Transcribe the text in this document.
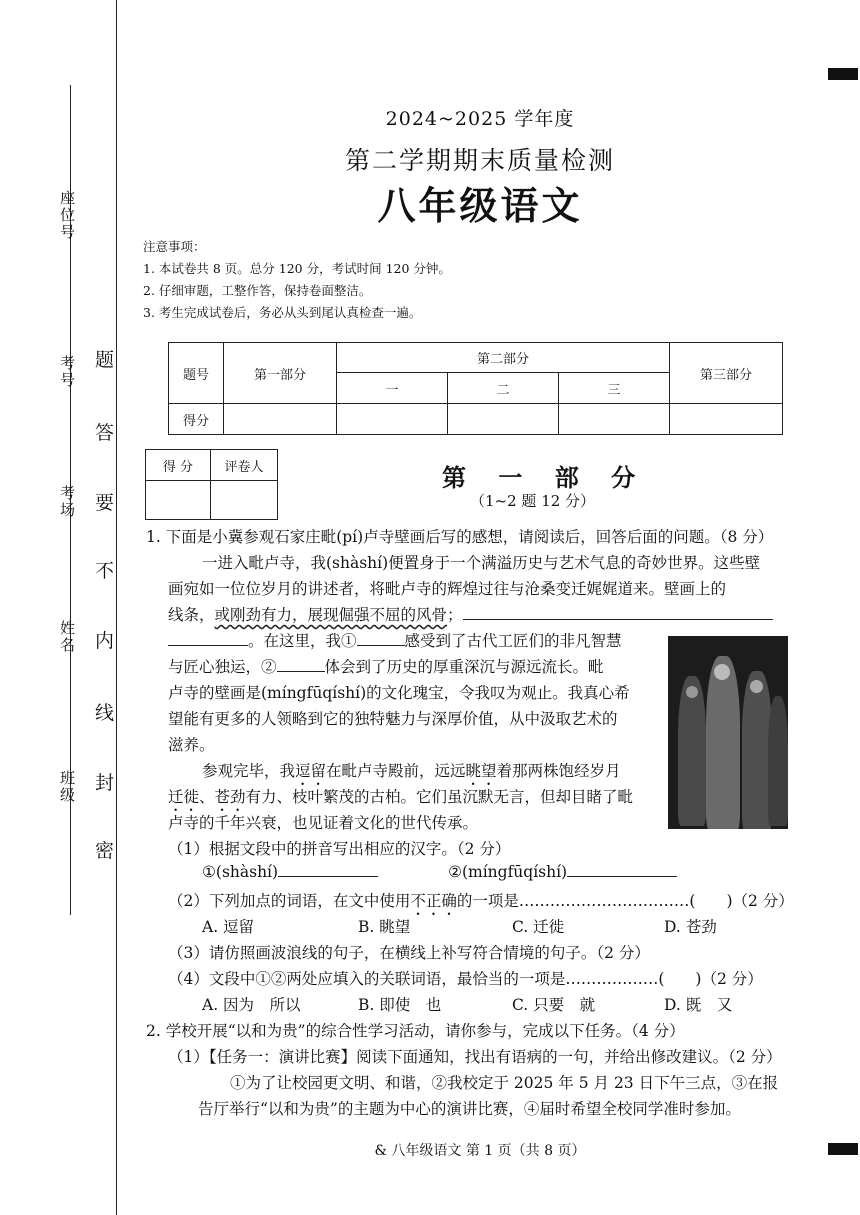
座位号
考号
考场
姓名
班级
题
答
要
不
内
线
封
密
2024~2025 学年度
第二学期期末质量检测
八年级语文
注意事项：
1. 本试卷共 8 页。总分 120 分，考试时间 120 分钟。
2. 仔细审题，工整作答，保持卷面整洁。
3. 考生完成试卷后，务必从头到尾认真检查一遍。
题号	第一部分	第二部分			第三部分
		一	二	三	
得分					
得 分	评卷人
		第 一 部 分
（1~2 题 12 分）
1. 下面是小冀参观石家庄毗(pí)卢寺壁画后写的感想，请阅读后，回答后面的问题。（8 分）
一进入毗卢寺，我(shàshí)便置身于一个满溢历史与艺术气息的奇妙世界。这些壁
画宛如一位位岁月的讲述者，将毗卢寺的辉煌过往与沧桑变迁娓娓道来。壁画上的
线条，或刚劲有力，展现倔强不屈的风骨；
。在这里，我①	感受到了古代工匠们的非凡智慧
与匠心独运，②	体会到了历史的厚重深沉与源远流长。毗
卢寺的壁画是(míngfūqíshí)的文化瑰宝，令我叹为观止。我真心希
望能有更多的人领略到它的独特魅力与深厚价值，从中汲取艺术的
滋养。
参观完毕，我逗留在毗卢寺殿前，远远眺望着那两株饱经岁月
迁徙、苍劲有力、枝叶繁茂的古柏。它们虽沉默无言，但却目睹了毗
卢寺的千年兴衰，也见证着文化的世代传承。
（1）根据文段中的拼音写出相应的汉字。（2 分）
①(shàshí)	②(míngfūqíshí)
（2）下列加点的词语，在文中使用不正确的一项是……………………………(　　)（2 分）
A. 逗留	B. 眺望	C. 迁徙	D. 苍劲
（3）请仿照画波浪线的句子，在横线上补写符合情境的句子。（2 分）
（4）文段中①②两处应填入的关联词语，最恰当的一项是………………(　　)（2 分）
A. 因为　所以	B. 即使　也	C. 只要　就	D. 既　又
2. 学校开展“以和为贵”的综合性学习活动，请你参与，完成以下任务。（4 分）
（1）【任务一：演讲比赛】阅读下面通知，找出有语病的一句，并给出修改建议。（2 分）
①为了让校园更文明、和谐，②我校定于 2025 年 5 月 23 日下午三点，③在报
告厅举行“以和为贵”的主题为中心的演讲比赛，④届时希望全校同学准时参加。
& 八年级语文 第 1 页（共 8 页）
